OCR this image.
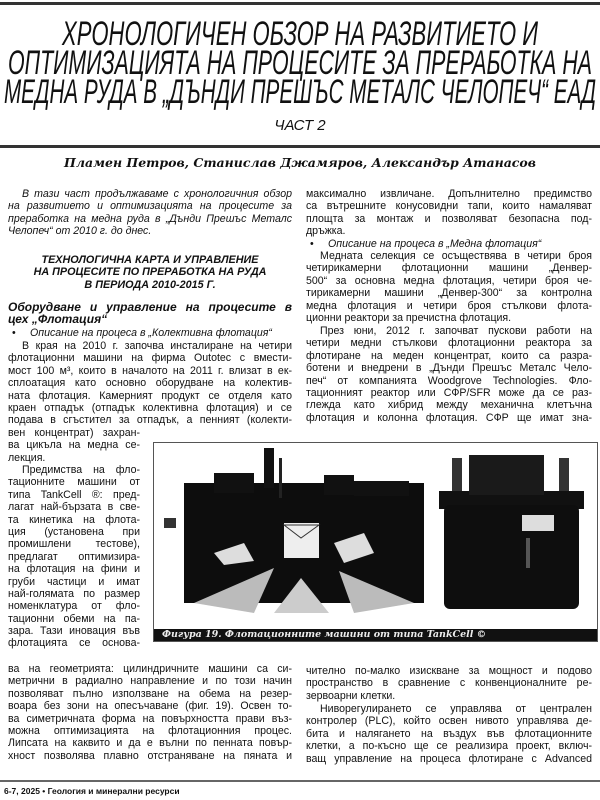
ХРОНОЛОГИЧЕН ОБЗОР НА РАЗВИТИЕТО И
ОПТИМИЗАЦИЯТА НА ПРОЦЕСИТЕ ЗА ПРЕРАБОТКА НА
МЕДНА РУДА В „ДЪНДИ ПРЕШЪС МЕТАЛС ЧЕЛОПЕЧ“ ЕАД
ЧАСТ 2
Пламен Петров, Станислав Джамяров, Александър Атанасов
В тази част продължаваме с хронологичния обзор
на развитието и оптимизацията на процесите за
преработка на медна руда в „Дънди Прешъс Металс
Челопеч“ от 2010 г. до днес.
ТЕХНОЛОГИЧНА КАРТА И УПРАВЛЕНИЕ
НА ПРОЦЕСИТЕ ПО ПРЕРАБОТКА НА РУДА
В ПЕРИОДА 2010-2015 Г.
Оборудване и управление на процесите в
цех „Флотация“
• Описание на процеса в „Колективна флотация“
В края на 2010 г. започва инсталиране на четири
флотационни машини на фирма Outotec с вмести-
мост 100 м³, които в началото на 2011 г. влизат в ек-
сплоатация като основно оборудване на колектив-
ната флотация. Камерният продукт се отделя като
краен отпадък (отпадък колективна флотация) и се
подава в сгъстител за отпадък, а пенният (колекти-
вен концентрат) захран-
ва цикъла на медна се-
лекция.
Предимства на фло-
тационните машини от
типа TankCell ®: пред-
лагат най-бързата в све-
та кинетика на флота-
ция (установена при
промишлени тестове),
предлагат оптимизира-
на флотация на фини и
груби частици и имат
най-голямата по размер
номенклатура от фло-
тационни обеми на па-
зара. Тази иновация във
флотацията се основа-
ва на геометрията: цилиндричните машини са си-
метрични в радиално направление и по този начин
позволяват пълно използване на обема на резер-
воара без зони на опесъчаване (фиг. 19). Освен то-
ва симетричната форма на повърхността прави въз-
можна оптимизацията на флотационния процес.
Липсата на каквито и да е вълни по пенната повър-
хност позволява плавно отстраняване на пяната и
максимално извличане. Допълнително предимство
са вътрешните конусовидни тапи, които намаляват
площта за монтаж и позволяват безопасна под-
дръжка.
• Описание на процеса в „Медна флотация“
Медната селекция се осъществява в четири броя
четирикамерни флотационни машини „Денвер-
500“ за основна медна флотация, четири броя че-
тирикамерни машини „Денвер-300“ за контролна
медна флотация и четири броя стълкови флота-
ционни реактори за пречистна флотация.
През юни, 2012 г. започват пускови работи на
четири медни стълкови флотационни реактора за
флотиране на меден концентрат, които са разра-
ботени и внедрени в „Дънди Прешъс Металс Чело-
печ“ от компанията Woodgrove Technologies. Фло-
тационният реактор или СФР/SFR може да се раз-
глежда като хибрид между механична клетъчна
флотация и колонна флотация. СФР ще имат зна-
чително по-малко изискване за мощност и подово
пространство в сравнение с конвенционалните ре-
зервоарни клетки.
Ниворегулирането се управлява от централен
контролер (PLC), който освен нивото управлява де-
бита и налягането на въздух във флотационните
клетки, а по-късно ще се реализира проект, включ-
ващ управление на процеса флотиране с Advanced
Фигура 19. Флотационните машини от типа TankCell ©
6-7, 2025 • Геология и минерални ресурси
